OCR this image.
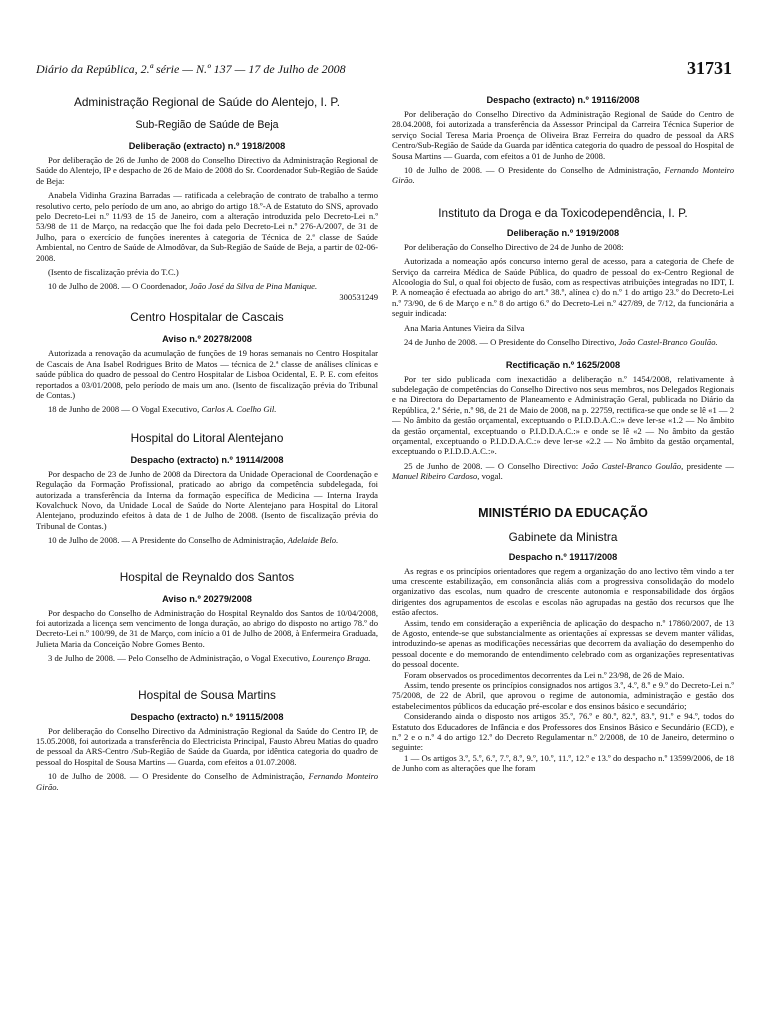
Diário da República, 2.ª série — N.º 137 — 17 de Julho de 2008	31731
Administração Regional de Saúde do Alentejo, I. P.
Sub-Região de Saúde de Beja
Deliberação (extracto) n.º 1918/2008

Por deliberação de 26 de Junho de 2008 do Conselho Directivo da Administração Regional de Saúde do Alentejo, IP e despacho de 26 de Maio de 2008 do Sr. Coordenador Sub-Região de Saúde de Beja:

Anabela Vidinha Grazina Barradas — ratificada a celebração de contrato de trabalho a termo resolutivo certo, pelo período de um ano, ao abrigo do artigo 18.º-A de Estatuto do SNS, aprovado pelo Decreto-Lei n.º 11/93 de 15 de Janeiro, com a alteração introduzida pelo Decreto-Lei n.º 53/98 de 11 de Março, na redacção que lhe foi dada pelo Decreto-Lei n.º 276-A/2007, de 31 de Julho, para o exercício de funções inerentes à categoria de Técnica de 2.ª classe de Saúde Ambiental, no Centro de Saúde de Almodôvar, da Sub-Região de Saúde de Beja, a partir de 02-06-2008.

(Isento de fiscalização prévia do T.C.)

10 de Julho de 2008. — O Coordenador, João José da Silva de Pina Manique.

300531249

Centro Hospitalar de Cascais
Aviso n.º 20278/2008

Autorizada a renovação da acumulação de funções de 19 horas semanais no Centro Hospitalar de Cascais de Ana Isabel Rodrigues Brito de Matos — técnica de 2.ª classe de análises clínicas e saúde pública do quadro de pessoal do Centro Hospitalar de Lisboa Ocidental, E. P. E. com efeitos reportados a 03/01/2008, pelo período de mais um ano. (Isento de fiscalização prévia do Tribunal de Contas.)

18 de Junho de 2008 — O Vogal Executivo, Carlos A. Coelho Gil.

Hospital do Litoral Alentejano
Despacho (extracto) n.º 19114/2008

Por despacho de 23 de Junho de 2008 da Directora da Unidade Operacional de Coordenação e Regulação da Formação Profissional, praticado ao abrigo da competência subdelegada, foi autorizada a transferência da Interna da formação específica de Medicina — Interna Irayda Kovalchuck Novo, da Unidade Local de Saúde do Norte Alentejano para Hospital do Litoral Alentejano, produzindo efeitos à data de 1 de Julho de 2008. (Isento de fiscalização prévia do Tribunal de Contas.)

10 de Julho de 2008. — A Presidente do Conselho de Administração, Adelaide Belo.

Hospital de Reynaldo dos Santos
Aviso n.º 20279/2008

Por despacho do Conselho de Administração do Hospital Reynaldo dos Santos de 10/04/2008, foi autorizada a licença sem vencimento de longa duração, ao abrigo do disposto no artigo 78.º do Decreto-Lei n.º 100/99, de 31 de Março, com início a 01 de Julho de 2008, à Enfermeira Graduada, Julieta Maria da Conceição Nobre Gomes Bento.

3 de Julho de 2008. — Pelo Conselho de Administração, o Vogal Executivo, Lourenço Braga.

Hospital de Sousa Martins
Despacho (extracto) n.º 19115/2008

Por deliberação do Conselho Directivo da Administração Regional da Saúde do Centro IP, de 15.05.2008, foi autorizada a transferência do Electricista Principal, Fausto Abreu Matias do quadro de pessoal da ARS-Centro /Sub-Região de Saúde da Guarda, por idêntica categoria do quadro de pessoal do Hospital de Sousa Martins — Guarda, com efeitos a 01.07.2008.

10 de Julho de 2008. — O Presidente do Conselho de Administração, Fernando Monteiro Girão.

Despacho (extracto) n.º 19116/2008

Por deliberação do Conselho Directivo da Administração Regional de Saúde do Centro de 28.04.2008, foi autorizada a transferência da Assessor Principal da Carreira Técnica Superior de serviço Social Teresa Maria Proença de Oliveira Braz Ferreira do quadro de pessoal da ARS Centro/Sub-Região de Saúde da Guarda par idêntica categoria do quadro de pessoal do Hospital de Sousa Martins — Guarda, com efeitos a 01 de Junho de 2008.

10 de Julho de 2008. — O Presidente do Conselho de Administração, Fernando Monteiro Girão.

Instituto da Droga e da Toxicodependência, I. P.
Deliberação n.º 1919/2008

Por deliberação do Conselho Directivo de 24 de Junho de 2008:

Autorizada a nomeação após concurso interno geral de acesso, para a categoria de Chefe de Serviço da carreira Médica de Saúde Pública, do quadro de pessoal do ex-Centro Regional de Alcoologia do Sul, o qual foi objecto de fusão, com as respectivas atribuições integradas no IDT, I. P. A nomeação é efectuada ao abrigo do art.º 38.º, alínea c) do n.º 1 do artigo 23.º do Decreto-Lei n.º 73/90, de 6 de Março e n.º 8 do artigo 6.º do Decreto-Lei n.º 427/89, de 7/12, da funcionária a seguir indicada:

Ana Maria Antunes Vieira da Silva

24 de Junho de 2008. — O Presidente do Conselho Directivo, João Castel-Branco Goulão.

Rectificação n.º 1625/2008

Por ter sido publicada com inexactidão a deliberação n.º 1454/2008, relativamente à subdelegação de competências do Conselho Directivo nos seus membros, nos Delegados Regionais e na Directora do Departamento de Planeamento e Administração Geral, publicada no Diário da República, 2.ª Série, n.º 98, de 21 de Maio de 2008, na p. 22759, rectifica-se que onde se lê «1 — 2 — No âmbito da gestão orçamental, exceptuando o P.I.D.D.A.C.:» deve ler-se «1.2 — No âmbito da gestão orçamental, exceptuando o P.I.D.D.A.C.:» e onde se lê «2 — No âmbito da gestão orçamental, exceptuando o P.I.D.D.A.C.:» deve ler-se «2.2 — No âmbito da gestão orçamental, exceptuando o P.I.D.D.A.C.:».

25 de Junho de 2008. — O Conselho Directivo: João Castel-Branco Goulão, presidente — Manuel Ribeiro Cardoso, vogal.

MINISTÉRIO DA EDUCAÇÃO
Gabinete da Ministra
Despacho n.º 19117/2008

As regras e os princípios orientadores que regem a organização do ano lectivo têm vindo a ter uma crescente estabilização, em consonância aliás com a progressiva consolidação do modelo organizativo das escolas, num quadro de crescente autonomia e responsabilidade dos órgãos dirigentes dos agrupamentos de escolas e escolas não agrupadas na gestão dos recursos que lhe estão afectos.

Assim, tendo em consideração a experiência de aplicação do despacho n.º 17860/2007, de 13 de Agosto, entende-se que substancialmente as orientações aí expressas se devem manter válidas, introduzindo-se apenas as modificações necessárias que decorrem da avaliação do desempenho do pessoal docente e do memorando de entendimento celebrado com as organizações representativas do pessoal docente.

Foram observados os procedimentos decorrentes da Lei n.º 23/98, de 26 de Maio.

Assim, tendo presente os princípios consignados nos artigos 3.º, 4.º, 8.º e 9.º do Decreto-Lei n.º 75/2008, de 22 de Abril, que aprovou o regime de autonomia, administração e gestão dos estabelecimentos públicos da educação pré-escolar e dos ensinos básico e secundário;

Considerando ainda o disposto nos artigos 35.º, 76.º e 80.º, 82.º, 83.º, 91.º e 94.º, todos do Estatuto dos Educadores de Infância e dos Professores dos Ensinos Básico e Secundário (ECD), e n.º 2 e o n.º 4 do artigo 12.º do Decreto Regulamentar n.º 2/2008, de 10 de Janeiro, determino o seguinte:

1 — Os artigos 3.º, 5.º, 6.º, 7.º, 8.º, 9.º, 10.º, 11.º, 12.º e 13.º do despacho n.º 13599/2006, de 18 de Junho com as alterações que lhe foram
